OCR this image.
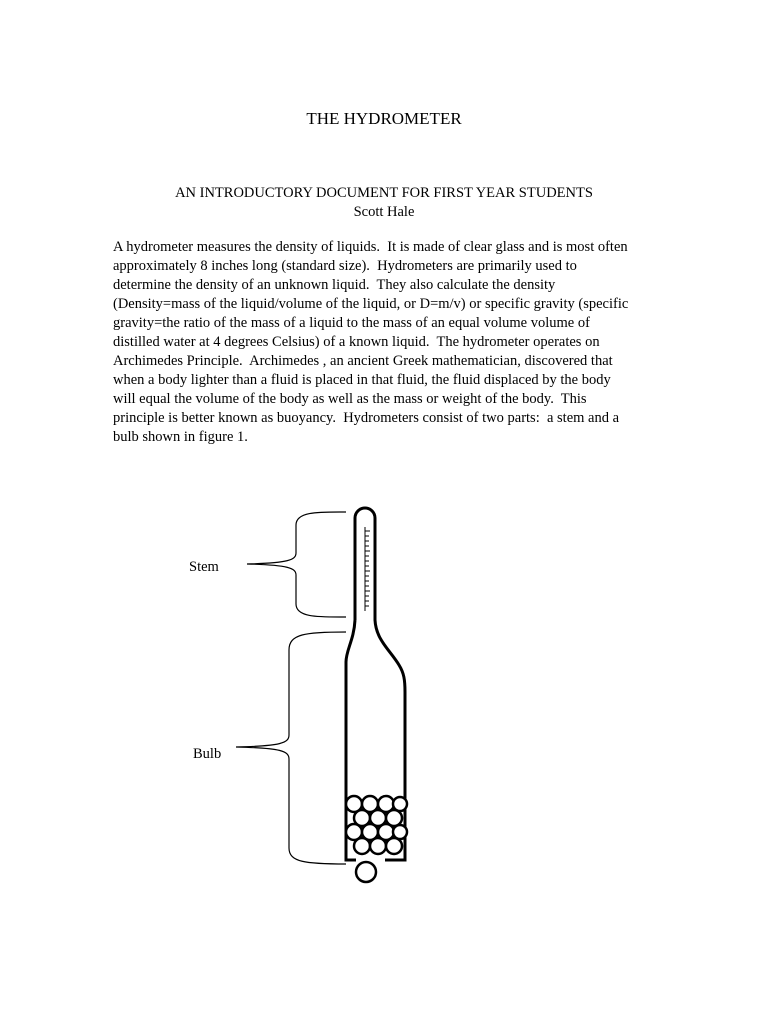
THE HYDROMETER
AN INTRODUCTORY DOCUMENT FOR FIRST YEAR STUDENTS
Scott Hale

A hydrometer measures the density of liquids.  It is made of clear glass and is most often
approximately 8 inches long (standard size).  Hydrometers are primarily used to
determine the density of an unknown liquid.  They also calculate the density
(Density=mass of the liquid/volume of the liquid, or D=m/v) or specific gravity (specific
gravity=the ratio of the mass of a liquid to the mass of an equal volume volume of
distilled water at 4 degrees Celsius) of a known liquid.  The hydrometer operates on
Archimedes Principle.  Archimedes , an ancient Greek mathematician, discovered that
when a body lighter than a fluid is placed in that fluid, the fluid displaced by the body
will equal the volume of the body as well as the mass or weight of the body.  This
principle is better known as buoyancy.  Hydrometers consist of two parts:  a stem and a
bulb shown in figure 1.

Stem
Bulb
